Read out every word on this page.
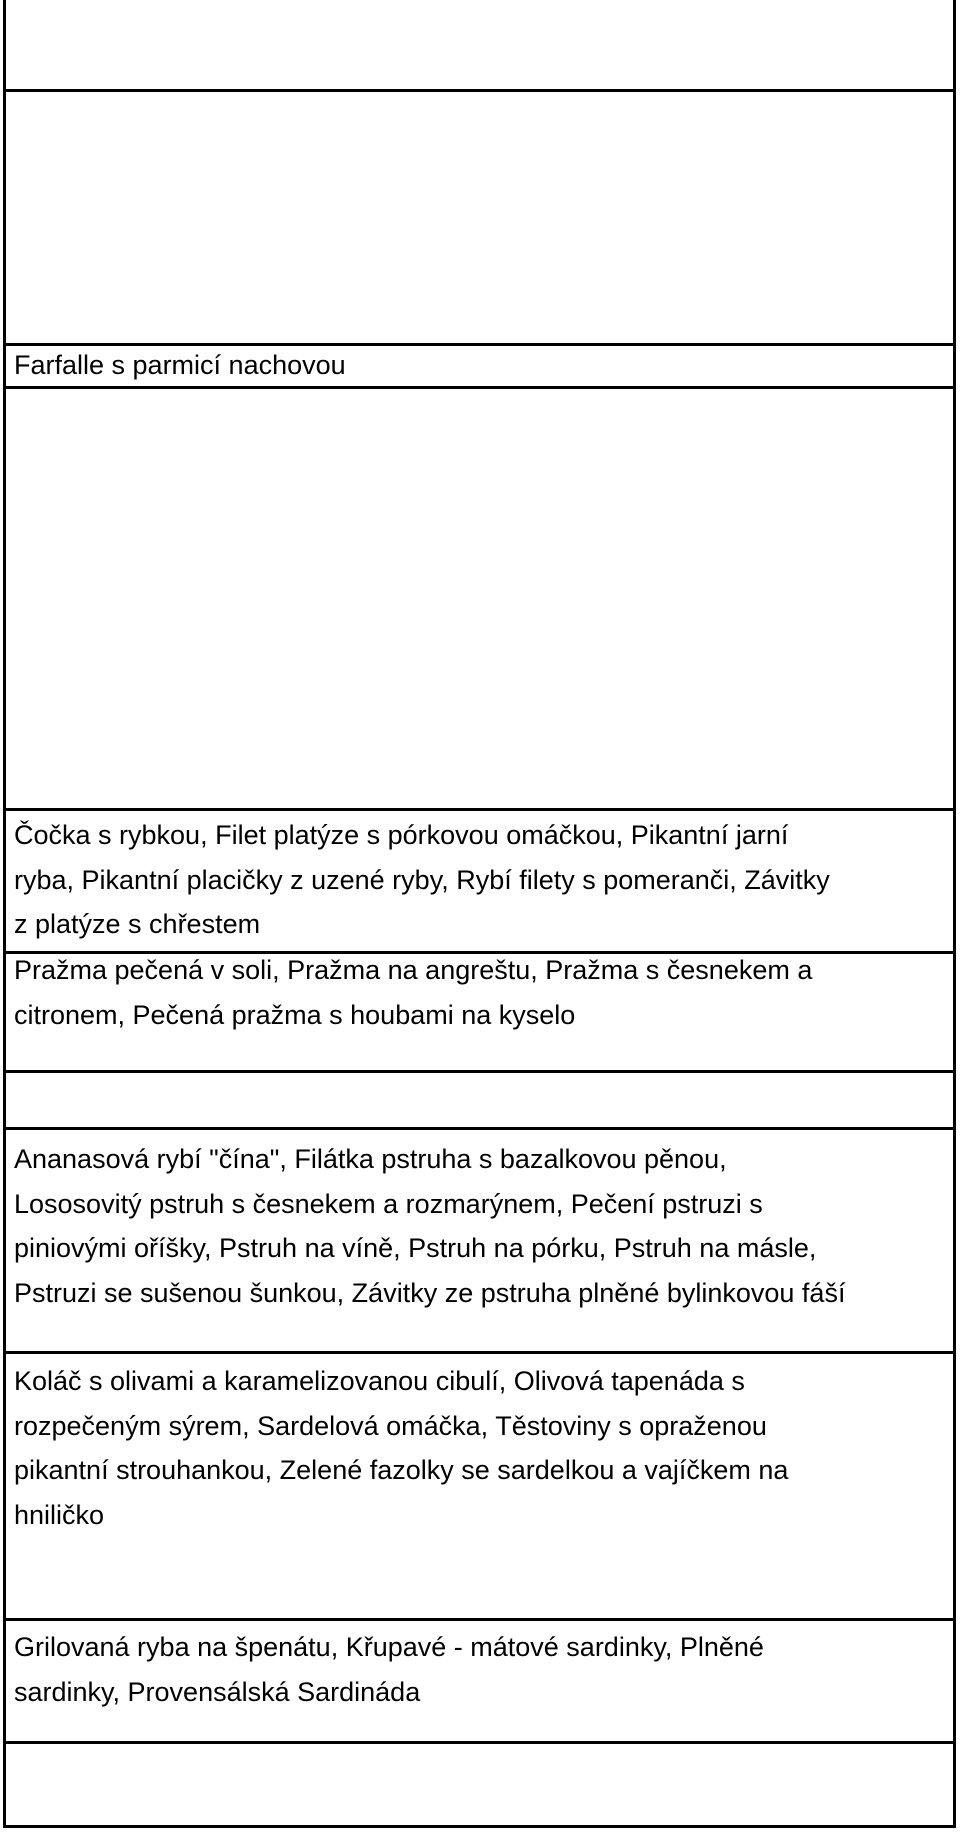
Farfalle s parmicí nachovou
Čočka s rybkou, Filet platýze s pórkovou omáčkou, Pikantní jarní
ryba, Pikantní placičky z uzené ryby, Rybí filety s pomeranči, Závitky
z platýze s chřestem
Pražma pečená v soli, Pražma na angreštu, Pražma s česnekem a
citronem, Pečená pražma s houbami na kyselo
Ananasová rybí "čína", Filátka pstruha s bazalkovou pěnou,
Lososovitý pstruh s česnekem a rozmarýnem, Pečení pstruzi s
piniovými oříšky, Pstruh na víně, Pstruh na pórku, Pstruh na másle,
Pstruzi se sušenou šunkou, Závitky ze pstruha plněné bylinkovou fáší
Koláč s olivami a karamelizovanou cibulí, Olivová tapenáda s
rozpečeným sýrem, Sardelová omáčka, Těstoviny s opraženou
pikantní strouhankou, Zelené fazolky se sardelkou a vajíčkem na
hniličko
Grilovaná ryba na špenátu, Křupavé - mátové sardinky, Plněné
sardinky, Provensálská Sardináda
